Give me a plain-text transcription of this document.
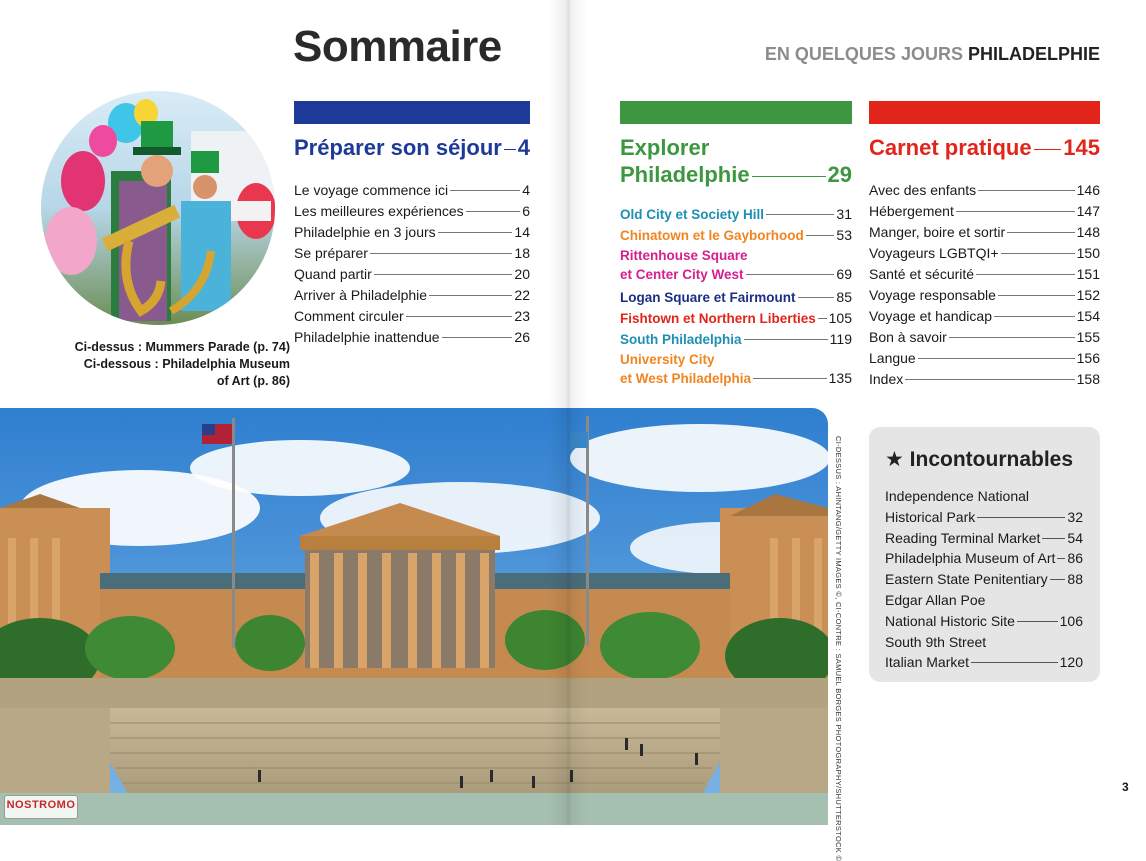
Sommaire	EN QUELQUES JOURS PHILADELPHIE
Ci-dessus : Mummers Parade (p. 74)
Ci-dessous : Philadelphia Museum
of Art (p. 86)
Préparer son séjour 4
Le voyage commence ici	4
Les meilleures expériences	6
Philadelphie en 3 jours	14
Se préparer	18
Quand partir	20
Arriver à Philadelphie	22
Comment circuler	23
Philadelphie inattendue	26
Explorer
Philadelphie	29
Old City et Society Hill	31
Chinatown et le Gayborhood 53
Rittenhouse Square
et Center City West	69
Logan Square et Fairmount	85
Fishtown et Northern Liberties 105
South Philadelphia	119
University City
et West Philadelphia	135
Carnet pratique 145
Avec des enfants	146
Hébergement	147
Manger, boire et sortir	148
Voyageurs LGBTQI+	150
Santé et sécurité	151
Voyage responsable	152
Voyage et handicap	154
Bon à savoir	155
Langue	156
Index	158
CI-DESSUS : AHINTANG/GETTY IMAGES ©, CI-CONTRE : SAMUEL BORGES PHOTOGRAPHY/SHUTTERSTOCK © ★ Incontournables
Independence National
Historical Park	32
Reading Terminal Market 54
Philadelphia Museum of Art 86
Eastern State Penitentiary 88
Edgar Allan Poe
National Historic Site	106
South 9th Street
Italian Market	120
3
NOSTROMO
